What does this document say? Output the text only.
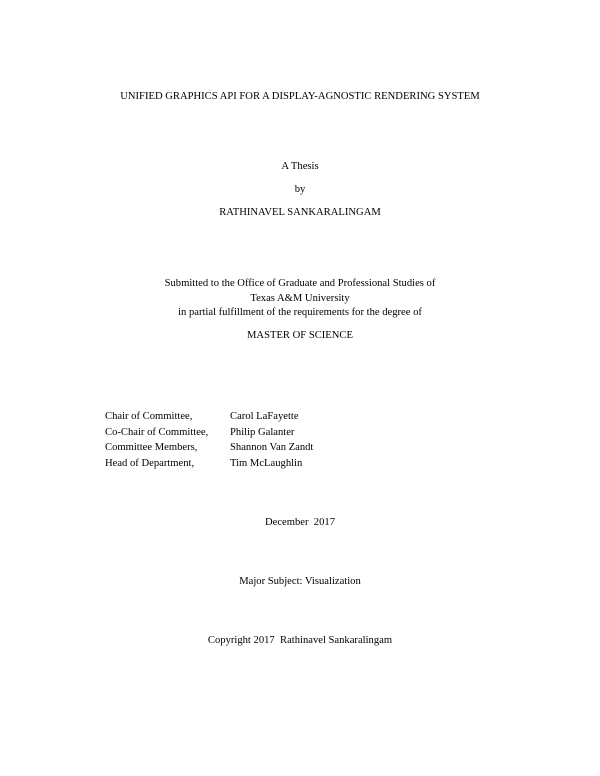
UNIFIED GRAPHICS API FOR A DISPLAY-AGNOSTIC RENDERING SYSTEM
A Thesis
by
RATHINAVEL SANKARALINGAM
Submitted to the Office of Graduate and Professional Studies of
Texas A&M University
in partial fulfillment of the requirements for the degree of
MASTER OF SCIENCE
Chair of Committee,	Carol LaFayette
Co-Chair of Committee, Philip Galanter
Committee Members,	Shannon Van Zandt
Head of Department,	Tim McLaughlin
December  2017
Major Subject: Visualization
Copyright 2017  Rathinavel Sankaralingam
